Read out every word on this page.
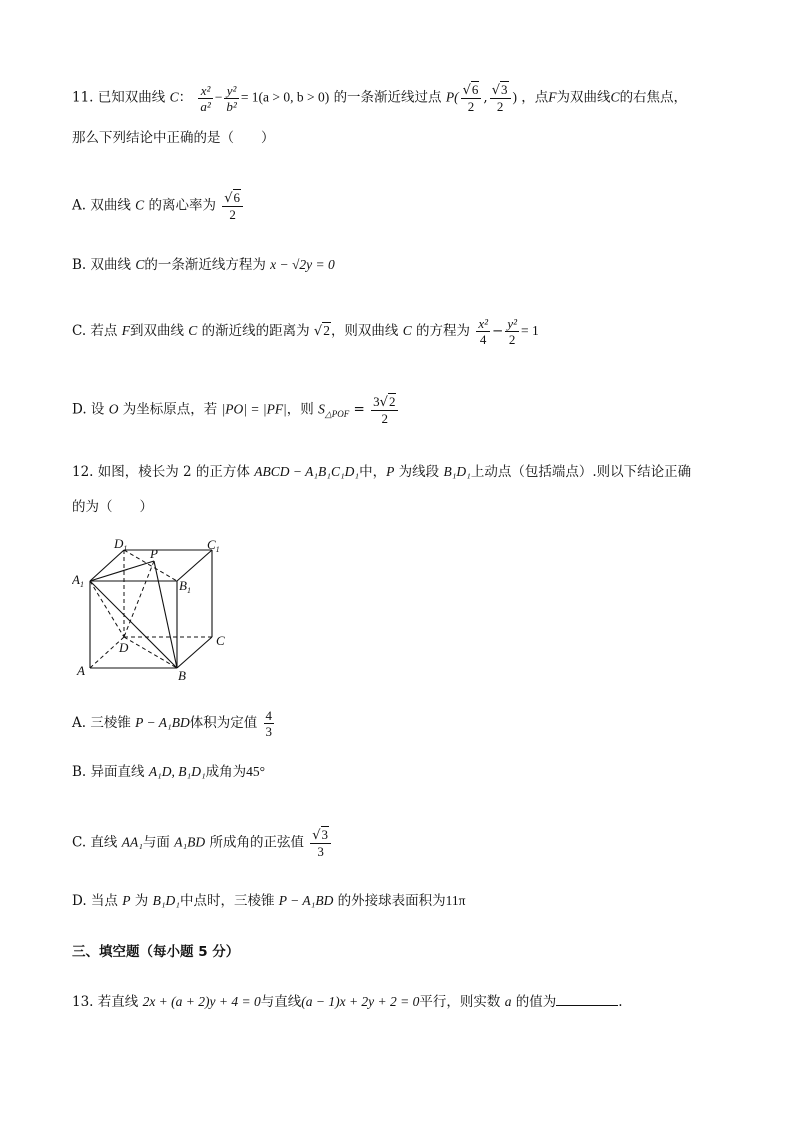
11. 已知双曲线 C： $\frac{\text{x²}}{\text{a²}} - \frac{\text{y²}}{\text{b²}} = 1(a > 0$, b > 0) 的一条渐近线过点 $P( \frac{√6}{2}$ , $\frac{√3}{2}$ ) ，点F为双曲线C的右焦点，
那么下列结论中正确的是（　　）
A. 双曲线 C 的离心率为 $\frac{√6}{2}$
B. 双曲线 C的一条渐近线方程为 x − √2y = 0
C. 若点 F到双曲线 C 的渐近线的距离为 √2，则双曲线 C 的方程为 $\frac{\text{x²}}{4} - \frac{\text{y²}}{2} = 1$
D. 设 O 为坐标原点，若 |PO| = |PF|，则 $S_{\triangle POF} = \frac{3√2}{2}$
12. 如图，棱长为 2 的正方体 ABCD − A₁B₁C₁D₁中，P 为线段 B₁D₁上动点（包括端点）.则以下结论正确
的为（　　）
$D_1$	$C_1$
P
$A_1$	$B_1$
D	C
A	B
A. 三棱锥 P − A₁BD体积为定值 $\frac{4}{3}$
B. 异面直线 A₁D, B₁D₁成角为45°
C. 直线 AA₁与面 A₁BD 所成角的正弦值 $\frac{√3}{3}$
D. 当点 P 为 B₁D₁中点时，三棱锥 P − A₁BD 的外接球表面积为11π
三、填空题（每小题 5 分）
13. 若直线 2x + (a + 2)y + 4 = 0与直线(a − 1)x + 2y + 2 = 0平行，则实数 a 的值为	.
